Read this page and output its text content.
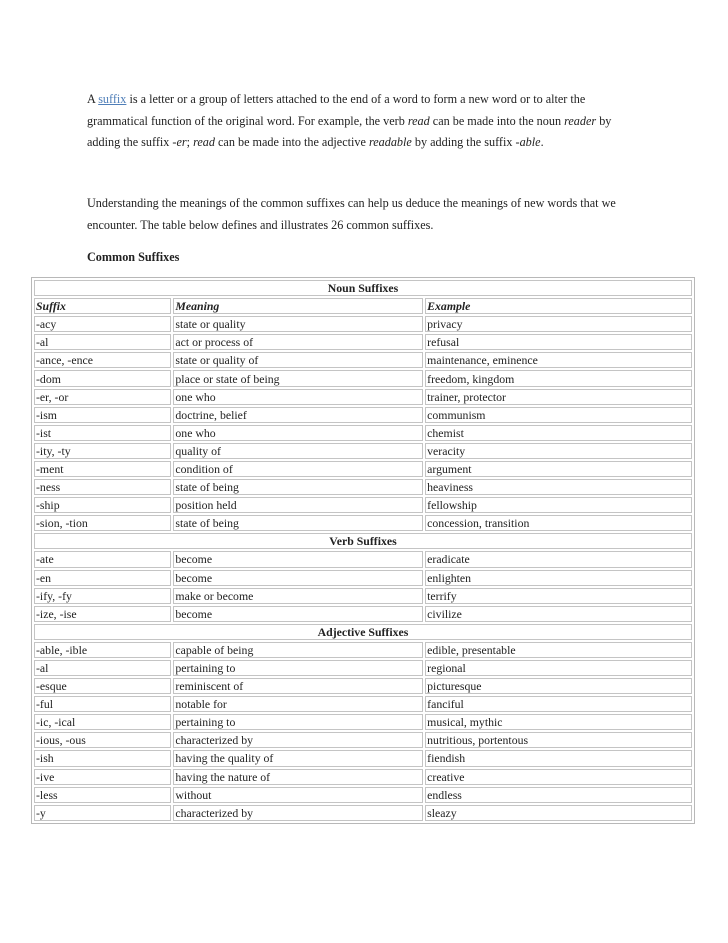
A suffix is a letter or a group of letters attached to the end of a word to form a new word or to alter the grammatical function of the original word. For example, the verb read can be made into the noun reader by adding the suffix -er; read can be made into the adjective readable by adding the suffix -able.

Understanding the meanings of the common suffixes can help us deduce the meanings of new words that we encounter. The table below defines and illustrates 26 common suffixes.

Common Suffixes
Noun Suffixes		
Suffix	Meaning	Example
-acy	state or quality	privacy
-al	act or process of	refusal
-ance, -ence	state or quality of	maintenance, eminence
-dom	place or state of being	freedom, kingdom
-er, -or	one who	trainer, protector
-ism	doctrine, belief	communism
-ist	one who	chemist
-ity, -ty	quality of	veracity
-ment	condition of	argument
-ness	state of being	heaviness
-ship	position held	fellowship
-sion, -tion	state of being	concession, transition
Verb Suffixes		
-ate	become	eradicate
-en	become	enlighten
-ify, -fy	make or become	terrify
-ize, -ise	become	civilize
Adjective Suffixes		
-able, -ible	capable of being	edible, presentable
-al	pertaining to	regional
-esque	reminiscent of	picturesque
-ful	notable for	fanciful
-ic, -ical	pertaining to	musical, mythic
-ious, -ous	characterized by	nutritious, portentous
-ish	having the quality of	fiendish
-ive	having the nature of	creative
-less	without	endless
-y	characterized by	sleazy
